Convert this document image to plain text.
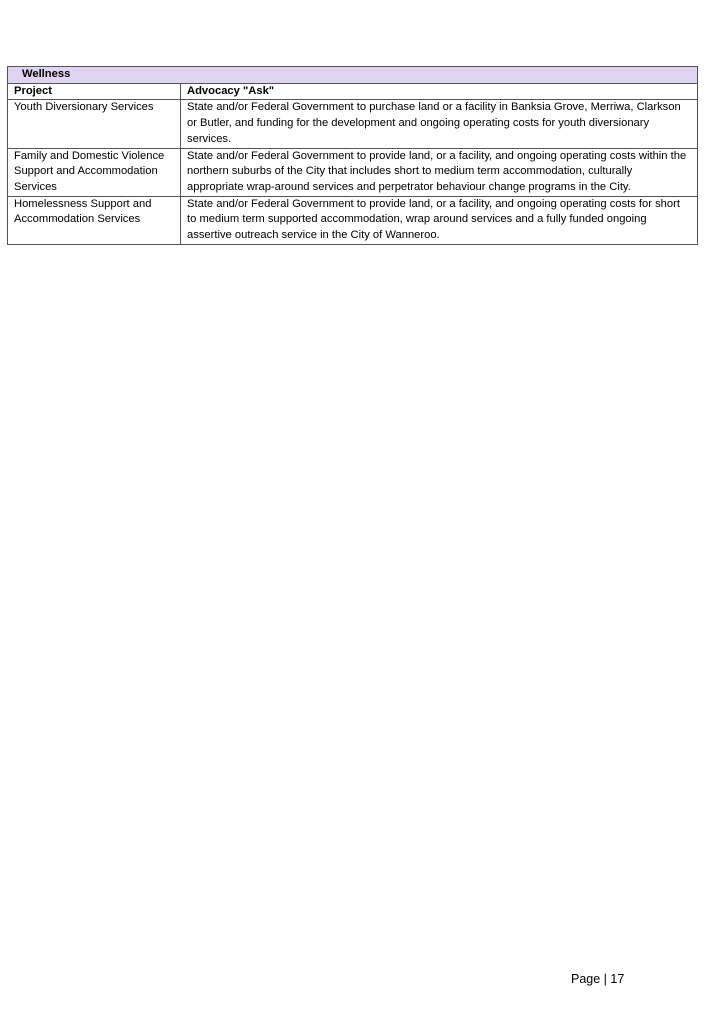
Wellness	
Project	Advocacy "Ask"
Youth Diversionary Services	State and/or Federal Government to purchase land or a facility in Banksia Grove, Merriwa, Clarkson or Butler, and funding for the development and ongoing operating costs for youth diversionary services.
Family and Domestic Violence Support and Accommodation Services	State and/or Federal Government to provide land, or a facility, and ongoing operating costs within the northern suburbs of the City that includes short to medium term accommodation, culturally appropriate wrap-around services and perpetrator behaviour change programs in the City.
Homelessness Support and Accommodation Services	State and/or Federal Government to provide land, or a facility, and ongoing operating costs for short to medium term supported accommodation, wrap around services and a fully funded ongoing assertive outreach service in the City of Wanneroo.
Page | 17
